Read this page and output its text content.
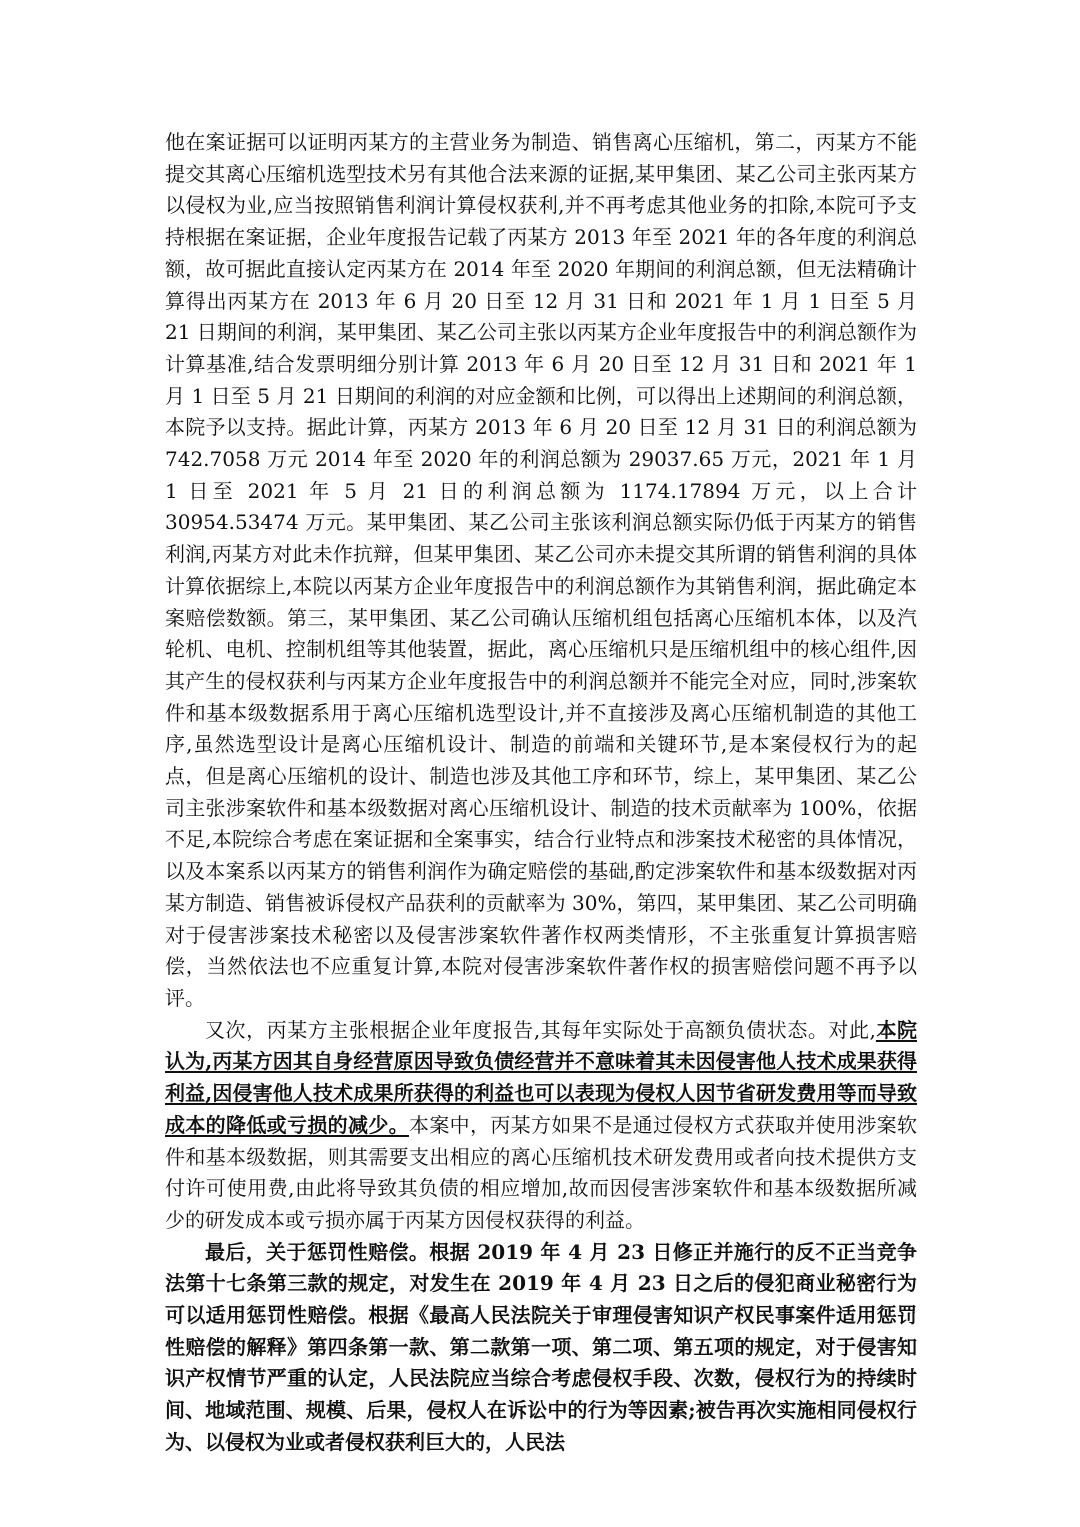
他在案证据可以证明丙某方的主营业务为制造、销售离心压缩机，第二，丙某方不能提交其离心压缩机选型技术另有其他合法来源的证据,某甲集团、某乙公司主张丙某方以侵权为业,应当按照销售利润计算侵权获利,并不再考虑其他业务的扣除,本院可予支持根据在案证据，企业年度报告记载了丙某方 2013 年至 2021 年的各年度的利润总额，故可据此直接认定丙某方在 2014 年至 2020 年期间的利润总额，但无法精确计算得出丙某方在 2013 年 6 月 20 日至 12 月 31 日和 2021 年 1 月 1 日至 5 月 21 日期间的利润，某甲集团、某乙公司主张以丙某方企业年度报告中的利润总额作为计算基准,结合发票明细分别计算 2013 年 6 月 20 日至 12 月 31 日和 2021 年 1 月 1 日至 5 月 21 日期间的利润的对应金额和比例，可以得出上述期间的利润总额，本院予以支持。据此计算，丙某方 2013 年 6 月 20 日至 12 月 31 日的利润总额为 742.7058 万元 2014 年至 2020 年的利润总额为 29037.65 万元，2021 年 1 月 1 日至 2021 年 5 月 21 日的利润总额为 1174.17894 万元，以上合计 30954.53474 万元。某甲集团、某乙公司主张该利润总额实际仍低于丙某方的销售利润,丙某方对此未作抗辩，但某甲集团、某乙公司亦未提交其所谓的销售利润的具体计算依据综上,本院以丙某方企业年度报告中的利润总额作为其销售利润，据此确定本案赔偿数额。第三，某甲集团、某乙公司确认压缩机组包括离心压缩机本体，以及汽轮机、电机、控制机组等其他装置，据此，离心压缩机只是压缩机组中的核心组件,因其产生的侵权获利与丙某方企业年度报告中的利润总额并不能完全对应，同时,涉案软件和基本级数据系用于离心压缩机选型设计,并不直接涉及离心压缩机制造的其他工序,虽然选型设计是离心压缩机设计、制造的前端和关键环节,是本案侵权行为的起点，但是离心压缩机的设计、制造也涉及其他工序和环节，综上，某甲集团、某乙公司主张涉案软件和基本级数据对离心压缩机设计、制造的技术贡献率为 100%，依据不足,本院综合考虑在案证据和全案事实，结合行业特点和涉案技术秘密的具体情况，以及本案系以丙某方的销售利润作为确定赔偿的基础,酌定涉案软件和基本级数据对丙某方制造、销售被诉侵权产品获利的贡献率为 30%，第四，某甲集团、某乙公司明确对于侵害涉案技术秘密以及侵害涉案软件著作权两类情形，不主张重复计算损害赔偿，当然依法也不应重复计算,本院对侵害涉案软件著作权的损害赔偿问题不再予以评。

又次，丙某方主张根据企业年度报告,其每年实际处于高额负债状态。对此,本院认为,丙某方因其自身经营原因导致负债经营并不意味着其未因侵害他人技术成果获得利益,因侵害他人技术成果所获得的利益也可以表现为侵权人因节省研发费用等而导致成本的降低或亏损的减少。本案中，丙某方如果不是通过侵权方式获取并使用涉案软件和基本级数据，则其需要支出相应的离心压缩机技术研发费用或者向技术提供方支付许可使用费,由此将导致其负债的相应增加,故而因侵害涉案软件和基本级数据所减少的研发成本或亏损亦属于丙某方因侵权获得的利益。

最后，关于惩罚性赔偿。根据 2019 年 4 月 23 日修正并施行的反不正当竞争法第十七条第三款的规定，对发生在 2019 年 4 月 23 日之后的侵犯商业秘密行为可以适用惩罚性赔偿。根据《最高人民法院关于审理侵害知识产权民事案件适用惩罚性赔偿的解释》第四条第一款、第二款第一项、第二项、第五项的规定，对于侵害知识产权情节严重的认定，人民法院应当综合考虑侵权手段、次数，侵权行为的持续时间、地域范围、规模、后果，侵权人在诉讼中的行为等因素;被告再次实施相同侵权行为、以侵权为业或者侵权获利巨大的，人民法
